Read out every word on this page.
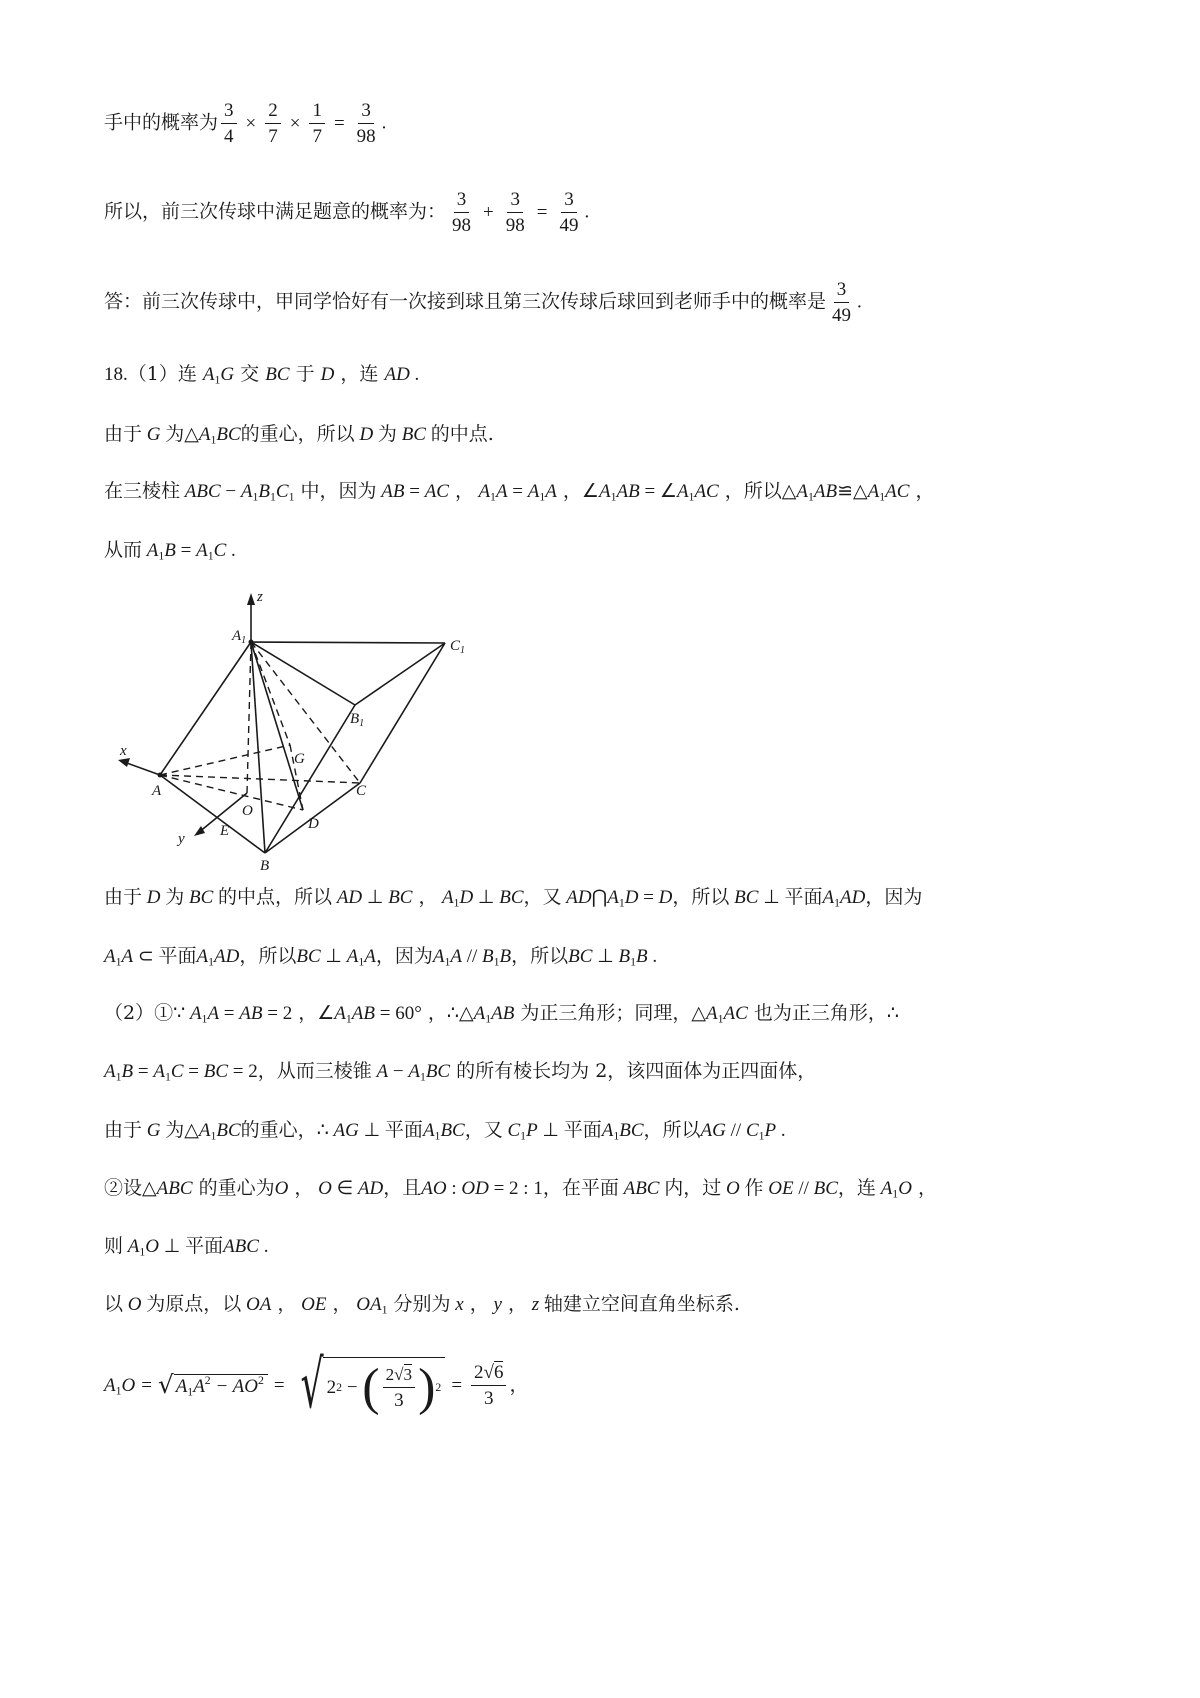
手中的概率为 $\frac{3}{4} \times \frac{2}{7} \times \frac{1}{7} = \frac{3}{98}$ .
所以，前三次传球中满足题意的概率为： $\frac{3}{98} + \frac{3}{98} = \frac{3}{49}$ .
答：前三次传球中，甲同学恰好有一次接到球且第三次传球后球回到老师手中的概率是 $\frac{3}{49}$ .
18.（1）连 $A_1G$ 交 BC 于 D ，连 AD .
由于 G 为$\triangle A_1BC$的重心，所以 D 为 BC 的中点.
在三棱柱 ABC − $A_1B_1C_1$ 中，因为 AB = AC ， $A_1A = A_1A$ ，$\angle A_1AB$ = $\angle A_1AC$ ，所以$\triangle A_1AB≌\triangle A_1AC$ ，
从而 $A_1B = A_1C$ .
z
$A_1$	$C_1$
$B_1$
G
x
A	C
O
D
E
y
B
由于 D 为 BC 的中点，所以 AD ⊥ BC ， $A_1D$ ⊥ BC，又 $AD⋂A_1D = D$，所以 BC ⊥ 平面$A_1AD$，因为
$A_1A$ ⊂ 平面$A_1AD$，所以BC ⊥ $A_1A$，因为$A_1A // B_1B$，所以BC ⊥ $B_1B$ .
（2）①∵ $A_1A$ = AB = 2 ，$\angle A_1AB = 60^\circ$ ，$\therefore\triangle A_1AB$ 为正三角形；同理，$\triangle A_1AC$ 也为正三角形，∴
$A_1B = A_1C$ = BC = 2，从而三棱锥 $A - A_1BC$ 的所有棱长均为 2，该四面体为正四面体，
由于 G 为$\triangle A_1BC$的重心，∴ AG ⊥ 平面$A_1BC$，又 $C_1P$ ⊥ 平面$A_1BC$，所以AG // $C_1P$ .
②设△ABC 的重心为O ， O ∈ AD，且AO : OD = 2 : 1，在平面 ABC 内，过 O 作 OE // BC，连 $A_1O$ ，
则 $A_1O$ ⊥ 平面ABC .
以 O 为原点，以 OA ， OE ， $OA_1$ 分别为 x ， y ， z 轴建立空间直角坐标系.
$A_1O$ = √ $A_1A^2 - AO^2$ = √ 2 2 − ( $\frac{2√3}{3}$ ) $2 = \frac{2√6}{3}$ ，
